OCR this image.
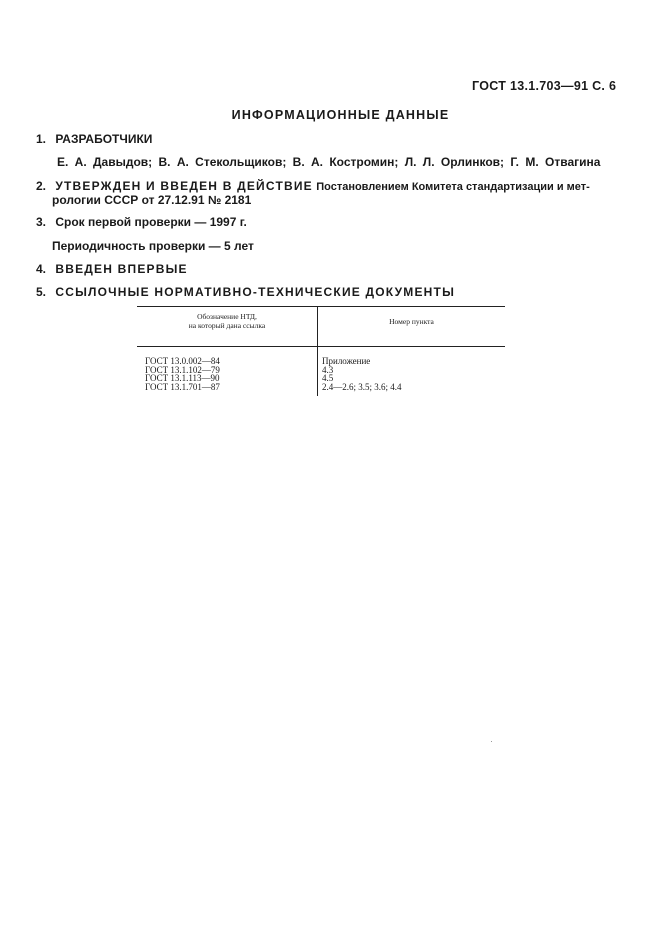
ГОСТ 13.1.703—91 С. 6
ИНФОРМАЦИОННЫЕ ДАННЫЕ
1. РАЗРАБОТЧИКИ
Е. А. Давыдов; В. А. Стекольщиков; В. А. Костромин; Л. Л. Орлинков; Г. М. Отвагина
2. УТВЕРЖДЕН И ВВЕДЕН В ДЕЙСТВИЕ Постановлением Комитета стандартизации и мет-
рологии СССР от 27.12.91 № 2181
3. Срок первой проверки — 1997 г.
Периодичность проверки — 5 лет
4. ВВЕДЕН ВПЕРВЫЕ
5. ССЫЛОЧНЫЕ НОРМАТИВНО-ТЕХНИЧЕСКИЕ ДОКУМЕНТЫ
Обозначение НТД,
на который дана ссылка	Номер пункта
ГОСТ 13.0.002—84	Приложение
ГОСТ 13.1.102—79	4.3
ГОСТ 13.1.113—90	4.5
ГОСТ 13.1.701—87	2.4—2.6; 3.5; 3.6; 4.4
